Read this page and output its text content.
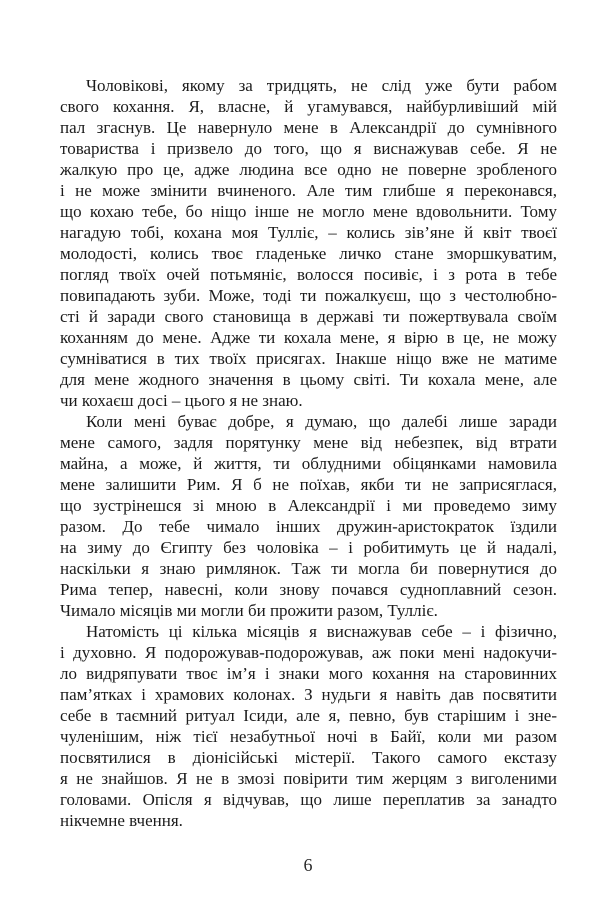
Чоловікові, якому за тридцять, не слід уже бути рабом
свого кохання. Я, власне, й угамувався, найбурливіший мій
пал згаснув. Це навернуло мене в Александрії до сумнівного
товариства і призвело до того, що я виснажував себе. Я не
жалкую про це, адже людина все одно не поверне зробленого
і не може змінити вчиненого. Але тим глибше я переконався,
що кохаю тебе, бо ніщо інше не могло мене вдовольнити. Тому
нагадую тобі, кохана моя Тулліє, – колись зів’яне й квіт твоєї
молодості, колись твоє гладеньке личко стане зморшкуватим,
погляд твоїх очей потьмяніє, волосся посивіє, і з рота в тебе
повипадають зуби. Може, тоді ти пожалкуєш, що з честолюбно-
сті й заради свого становища в державі ти пожертвувала своїм
коханням до мене. Адже ти кохала мене, я вірю в це, не можу
сумніватися в тих твоїх присягах. Інакше ніщо вже не матиме
для мене жодного значення в цьому світі. Ти кохала мене, але
чи кохаєш досі – цього я не знаю.

Коли мені буває добре, я думаю, що далебі лише заради
мене самого, задля порятунку мене від небезпек, від втрати
майна, а може, й життя, ти облудними обіцянками намовила
мене залишити Рим. Я б не поїхав, якби ти не заприсяглася,
що зустрінешся зі мною в Александрії і ми проведемо зиму
разом. До тебе чимало інших дружин-аристократок їздили
на зиму до Єгипту без чоловіка – і робитимуть це й надалі,
наскільки я знаю римлянок. Таж ти могла би повернутися до
Рима тепер, навесні, коли знову почався судноплавний сезон.
Чимало місяців ми могли би прожити разом, Тулліє.

Натомість ці кілька місяців я виснажував себе – і фізично,
і духовно. Я подорожував-подорожував, аж поки мені надокучи-
ло видряпувати твоє ім’я і знаки мого кохання на старовинних
пам’ятках і храмових колонах. З нудьги я навіть дав посвятити
себе в таємний ритуал Ісиди, але я, певно, був старішим і зне-
чуленішим, ніж тієї незабутньої ночі в Байї, коли ми разом
посвятилися в діонісійські містерії. Такого самого екстазу
я не знайшов. Я не в змозі повірити тим жерцям з виголеними
головами. Опісля я відчував, що лише переплатив за занадто
нікчемне вчення.

6
